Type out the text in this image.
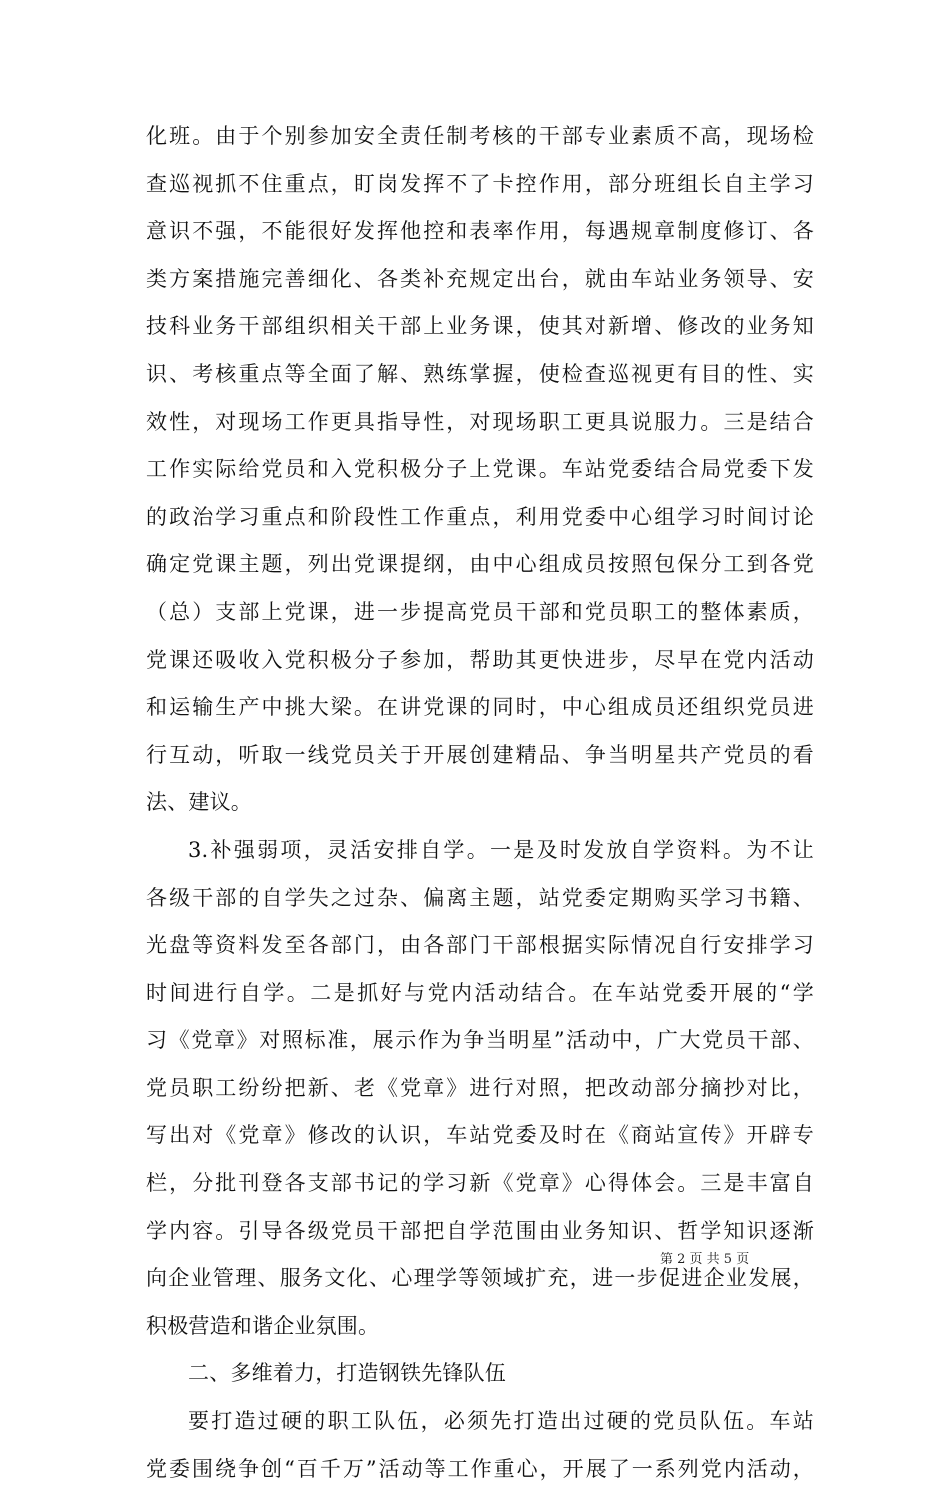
化班。由于个别参加安全责任制考核的干部专业素质不高，现场检
查巡视抓不住重点，盯岗发挥不了卡控作用，部分班组长自主学习
意识不强，不能很好发挥他控和表率作用，每遇规章制度修订、各
类方案措施完善细化、各类补充规定出台，就由车站业务领导、安
技科业务干部组织相关干部上业务课，使其对新增、修改的业务知
识、考核重点等全面了解、熟练掌握，使检查巡视更有目的性、实
效性，对现场工作更具指导性，对现场职工更具说服力。三是结合
工作实际给党员和入党积极分子上党课。车站党委结合局党委下发
的政治学习重点和阶段性工作重点，利用党委中心组学习时间讨论
确定党课主题，列出党课提纲，由中心组成员按照包保分工到各党
（总）支部上党课，进一步提高党员干部和党员职工的整体素质，
党课还吸收入党积极分子参加，帮助其更快进步，尽早在党内活动
和运输生产中挑大梁。在讲党课的同时，中心组成员还组织党员进
行互动，听取一线党员关于开展创建精品、争当明星共产党员的看
法、建议。
3.补强弱项，灵活安排自学。一是及时发放自学资料。为不让
各级干部的自学失之过杂、偏离主题，站党委定期购买学习书籍、
光盘等资料发至各部门，由各部门干部根据实际情况自行安排学习
时间进行自学。二是抓好与党内活动结合。在车站党委开展的“学
习《党章》对照标准，展示作为争当明星”活动中，广大党员干部、
党员职工纷纷把新、老《党章》进行对照，把改动部分摘抄对比，
写出对《党章》修改的认识，车站党委及时在《商站宣传》开辟专
栏，分批刊登各支部书记的学习新《党章》心得体会。三是丰富自
学内容。引导各级党员干部把自学范围由业务知识、哲学知识逐渐
向企业管理、服务文化、心理学等领域扩充，进一步促进企业发展，
积极营造和谐企业氛围。
二、多维着力，打造钢铁先锋队伍
要打造过硬的职工队伍，必须先打造出过硬的党员队伍。车站
党委围绕争创“百千万”活动等工作重心，开展了一系列党内活动，
第 2 页 共 5 页
